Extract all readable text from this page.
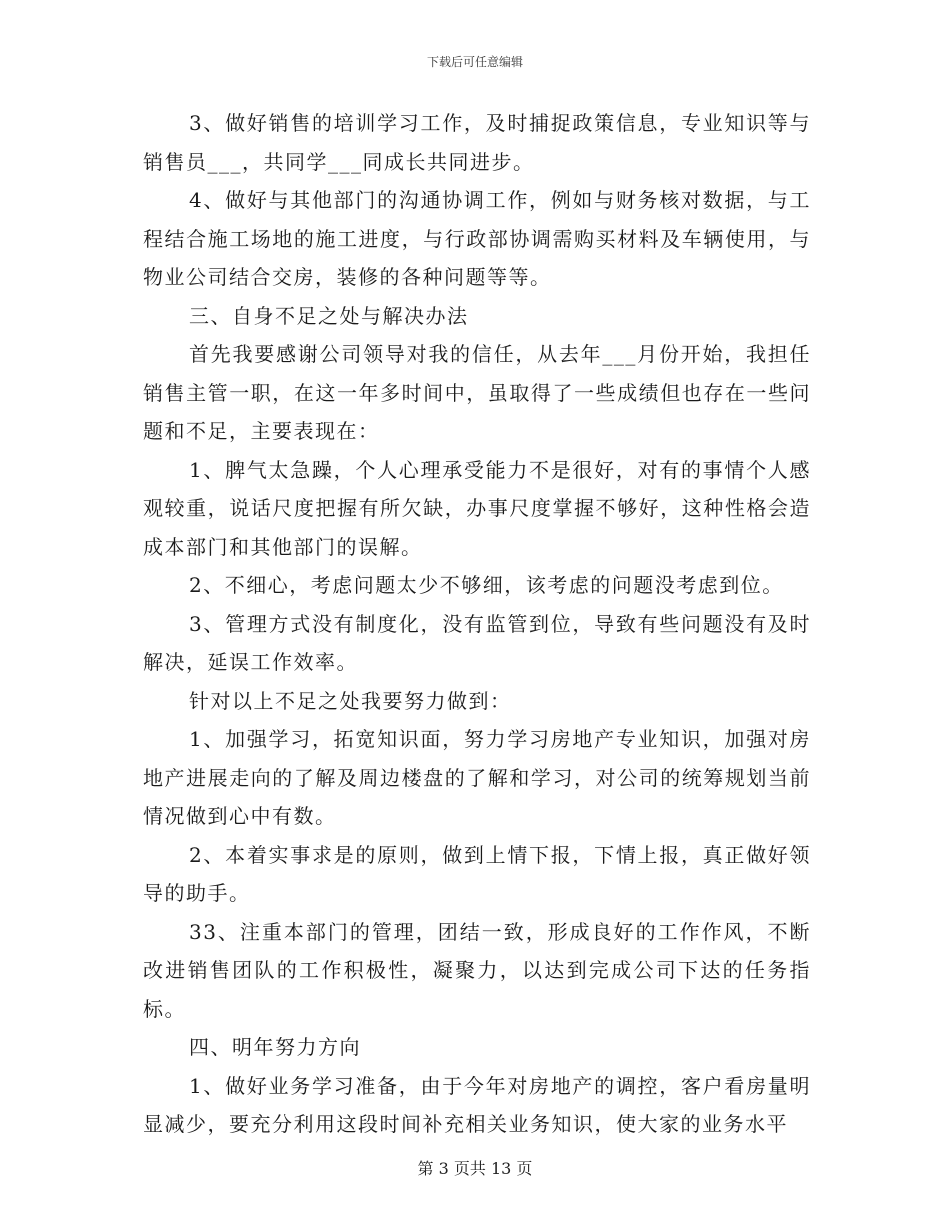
下载后可任意编辑

3、做好销售的培训学习工作，及时捕捉政策信息，专业知识等与销售员___，共同学___同成长共同进步。

4、做好与其他部门的沟通协调工作，例如与财务核对数据，与工程结合施工场地的施工进度，与行政部协调需购买材料及车辆使用，与物业公司结合交房，装修的各种问题等等。

三、自身不足之处与解决办法

首先我要感谢公司领导对我的信任，从去年___月份开始，我担任销售主管一职，在这一年多时间中，虽取得了一些成绩但也存在一些问题和不足，主要表现在：

1、脾气太急躁，个人心理承受能力不是很好，对有的事情个人感观较重，说话尺度把握有所欠缺，办事尺度掌握不够好，这种性格会造成本部门和其他部门的误解。

2、不细心，考虑问题太少不够细，该考虑的问题没考虑到位。

3、管理方式没有制度化，没有监管到位，导致有些问题没有及时解决，延误工作效率。

针对以上不足之处我要努力做到：

1、加强学习，拓宽知识面，努力学习房地产专业知识，加强对房地产进展走向的了解及周边楼盘的了解和学习，对公司的统筹规划当前情况做到心中有数。

2、本着实事求是的原则，做到上情下报，下情上报，真正做好领导的助手。

33、注重本部门的管理，团结一致，形成良好的工作作风，不断改进销售团队的工作积极性，凝聚力，以达到完成公司下达的任务指标。

四、明年努力方向

1、做好业务学习准备，由于今年对房地产的调控，客户看房量明显减少，要充分利用这段时间补充相关业务知识，使大家的业务水平

第 3 页共 13 页
